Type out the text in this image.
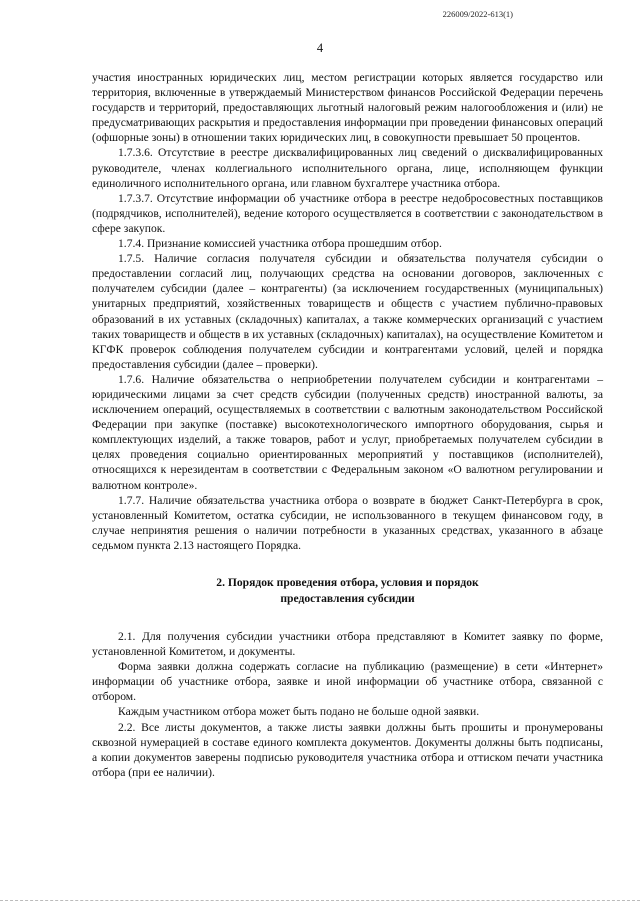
226009/2022-613(1)
4

участия иностранных юридических лиц, местом регистрации которых является государство или территория, включенные в утверждаемый Министерством финансов Российской Федерации перечень государств и территорий, предоставляющих льготный налоговый режим налогообложения и (или) не предусматривающих раскрытия и предоставления информации при проведении финансовых операций (офшорные зоны) в отношении таких юридических лиц, в совокупности превышает 50 процентов.

1.7.3.6. Отсутствие в реестре дисквалифицированных лиц сведений о дисквалифицированных руководителе, членах коллегиального исполнительного органа, лице, исполняющем функции единоличного исполнительного органа, или главном бухгалтере участника отбора.

1.7.3.7. Отсутствие информации об участнике отбора в реестре недобросовестных поставщиков (подрядчиков, исполнителей), ведение которого осуществляется в соответствии с законодательством в сфере закупок.

1.7.4. Признание комиссией участника отбора прошедшим отбор.

1.7.5. Наличие согласия получателя субсидии и обязательства получателя субсидии о предоставлении согласий лиц, получающих средства на основании договоров, заключенных с получателем субсидии (далее – контрагенты) (за исключением государственных (муниципальных) унитарных предприятий, хозяйственных товариществ и обществ с участием публично-правовых образований в их уставных (складочных) капиталах, а также коммерческих организаций с участием таких товариществ и обществ в их уставных (складочных) капиталах), на осуществление Комитетом и КГФК проверок соблюдения получателем субсидии и контрагентами условий, целей и порядка предоставления субсидии (далее – проверки).

1.7.6. Наличие обязательства о неприобретении получателем субсидии и контрагентами – юридическими лицами за счет средств субсидии (полученных средств) иностранной валюты, за исключением операций, осуществляемых в соответствии с валютным законодательством Российской Федерации при закупке (поставке) высокотехнологического импортного оборудования, сырья и комплектующих изделий, а также товаров, работ и услуг, приобретаемых получателем субсидии в целях проведения социально ориентированных мероприятий у поставщиков (исполнителей), относящихся к нерезидентам в соответствии с Федеральным законом «О валютном регулировании и валютном контроле».

1.7.7. Наличие обязательства участника отбора о возврате в бюджет Санкт-Петербурга в срок, установленный Комитетом, остатка субсидии, не использованного в текущем финансовом году, в случае непринятия решения о наличии потребности в указанных средствах, указанного в абзаце седьмом пункта 2.13 настоящего Порядка.

2. Порядок проведения отбора, условия и порядок
предоставления субсидии

2.1. Для получения субсидии участники отбора представляют в Комитет заявку по форме, установленной Комитетом, и документы.

Форма заявки должна содержать согласие на публикацию (размещение) в сети «Интернет» информации об участнике отбора, заявке и иной информации об участнике отбора, связанной с отбором.

Каждым участником отбора может быть подано не больше одной заявки.

2.2. Все листы документов, а также листы заявки должны быть прошиты и пронумерованы сквозной нумерацией в составе единого комплекта документов. Документы должны быть подписаны, а копии документов заверены подписью руководителя участника отбора и оттиском печати участника отбора (при ее наличии).
